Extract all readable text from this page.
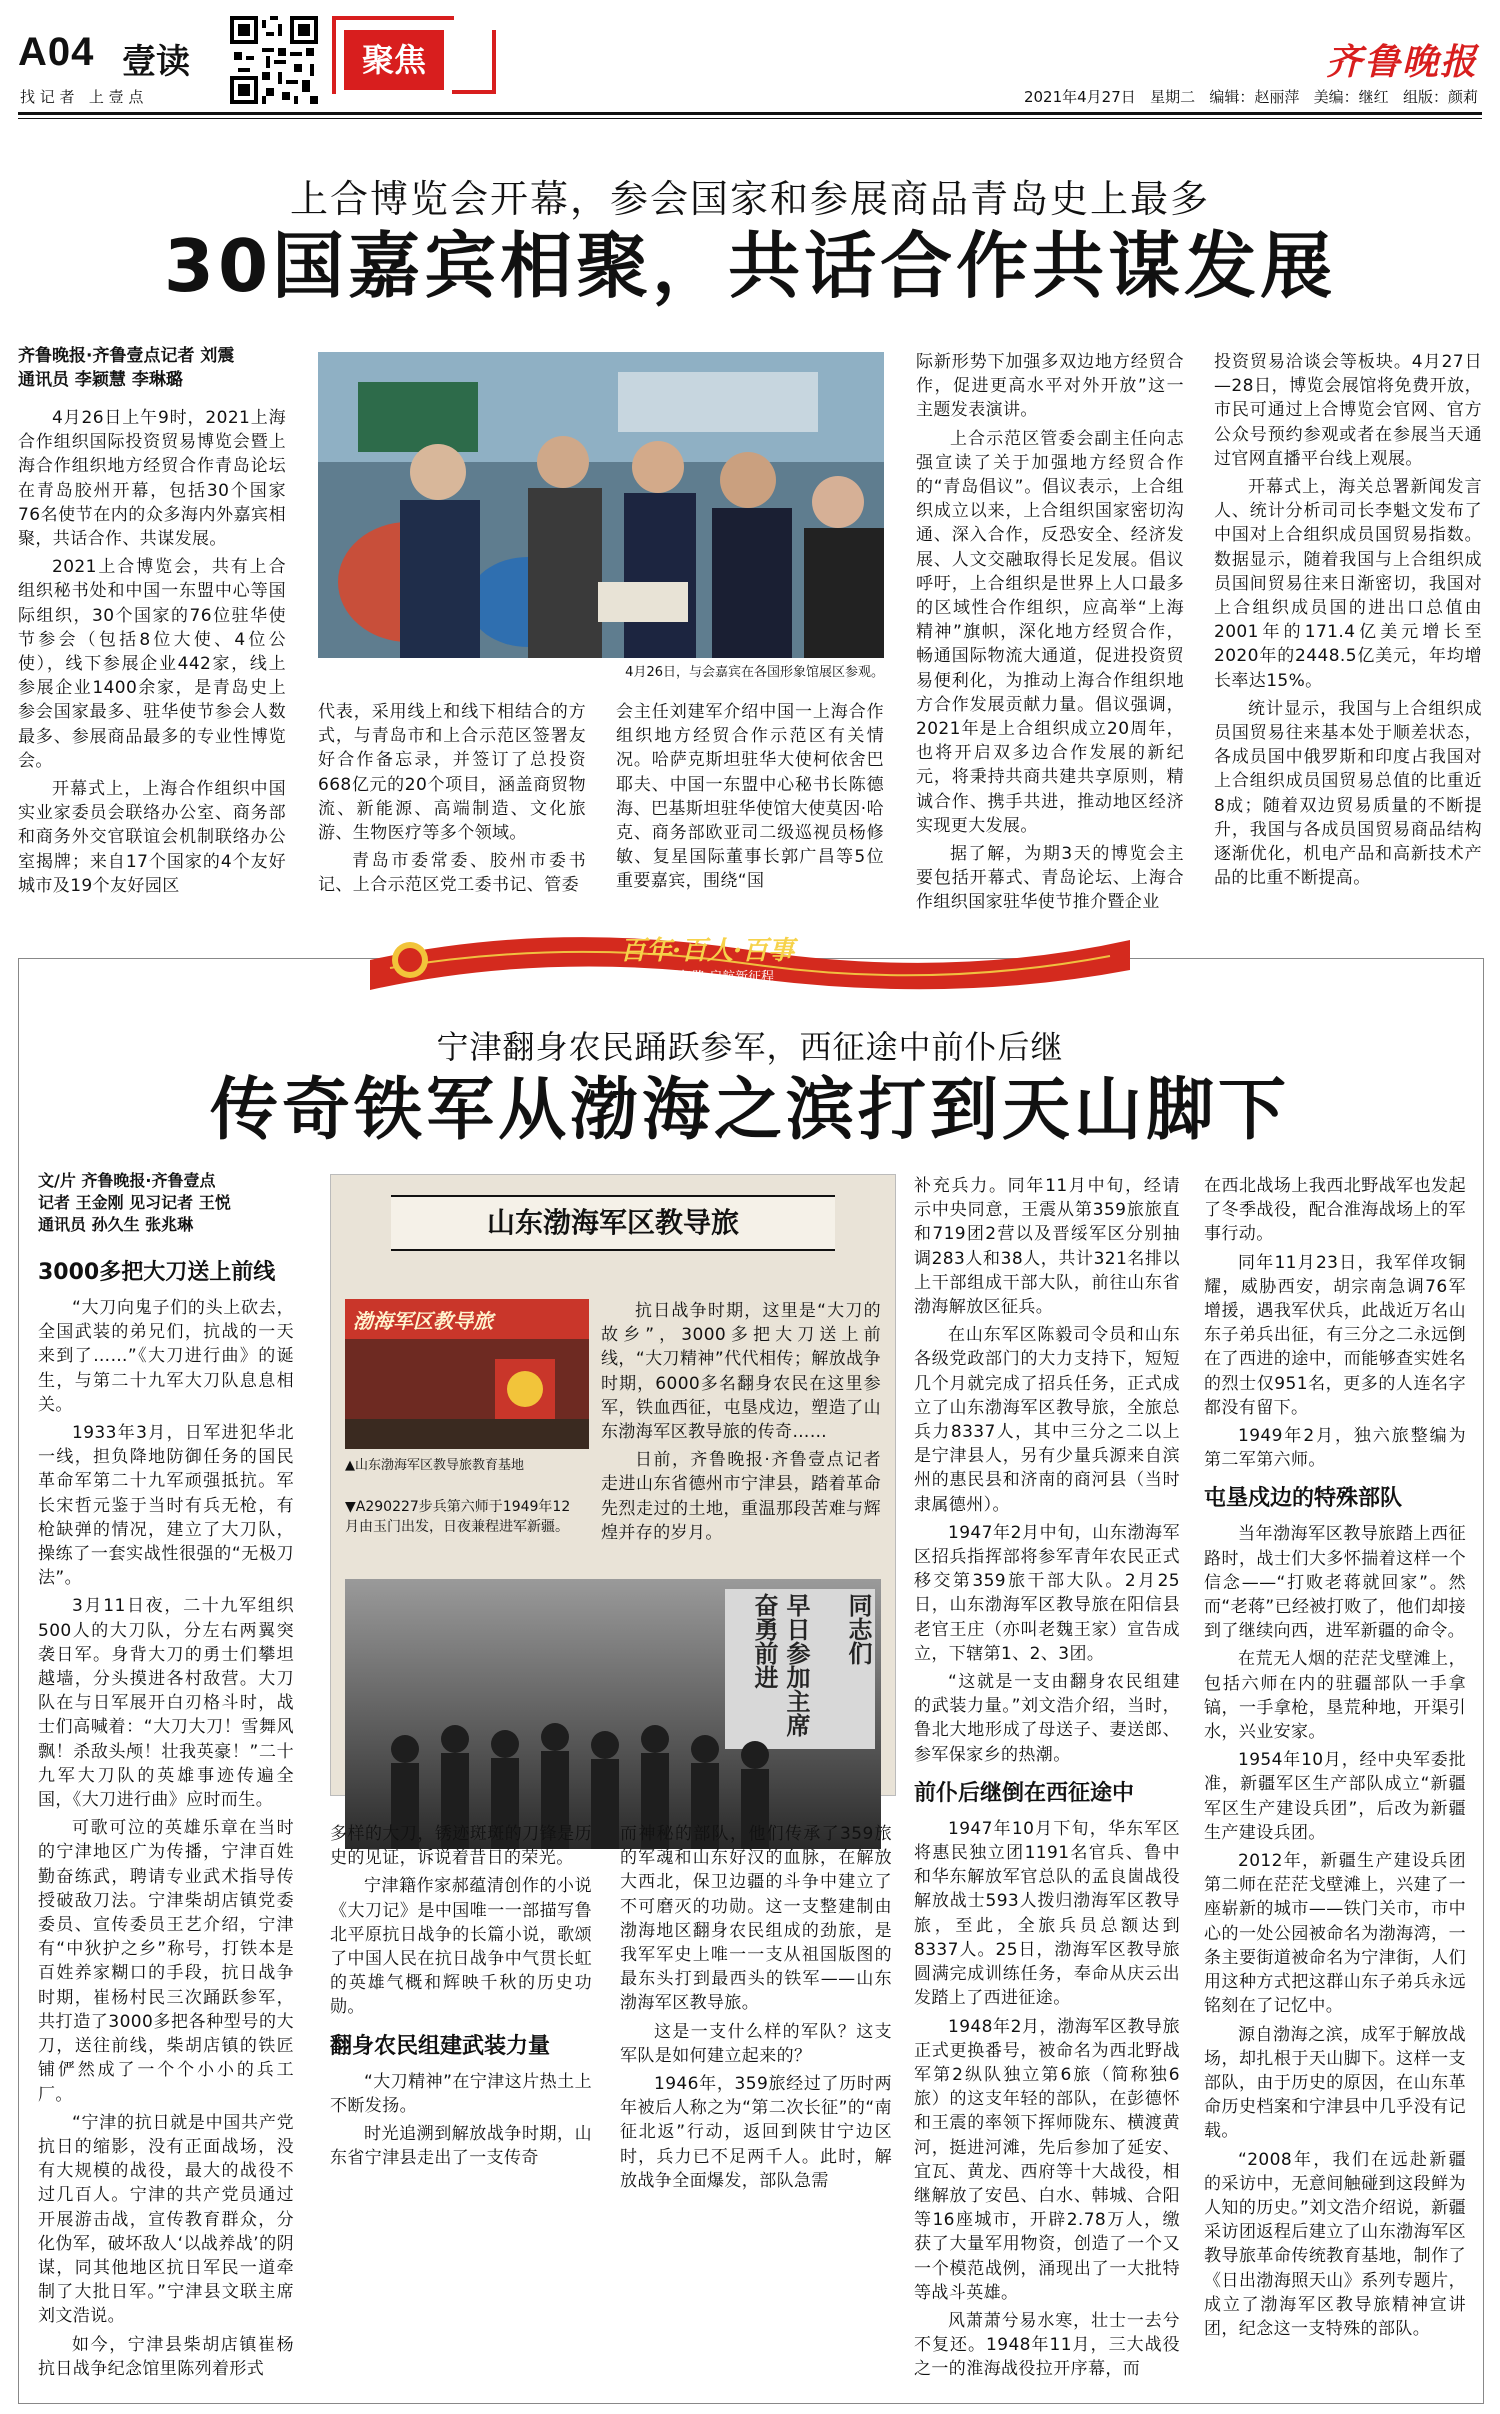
A04 壹读
找 记 者   上 壹 点
聚焦	齐鲁晚报
2021年4月27日   星期二   编辑：赵丽萍   美编：继红   组版：颜莉
上合博览会开幕，参会国家和参展商品青岛史上最多
30国嘉宾相聚，共话合作共谋发展
齐鲁晚报·齐鲁壹点记者 刘震
通讯员 李颖慧 李琳璐

4月26日上午9时，2021上海合作组织国际投资贸易博览会暨上海合作组织地方经贸合作青岛论坛在青岛胶州开幕，包括30个国家76名使节在内的众多海内外嘉宾相聚，共话合作、共谋发展。

2021上合博览会，共有上合组织秘书处和中国一东盟中心等国际组织，30个国家的76位驻华使节参会（包括8位大使、4位公使），线下参展企业442家，线上参展企业1400余家，是青岛史上参会国家最多、驻华使节参会人数最多、参展商品最多的专业性博览会。

开幕式上，上海合作组织中国实业家委员会联络办公室、商务部和商务外交官联谊会机制联络办公室揭牌；来自17个国家的4个友好城市及19个友好园区

4月26日，与会嘉宾在各国形象馆展区参观。

代表，采用线上和线下相结合的方式，与青岛市和上合示范区签署友好合作备忘录，并签订了总投资668亿元的20个项目，涵盖商贸物流、新能源、高端制造、文化旅游、生物医疗等多个领域。

青岛市委常委、胶州市委书记、上合示范区党工委书记、管委

会主任刘建军介绍中国一上海合作组织地方经贸合作示范区有关情况。哈萨克斯坦驻华大使柯依舍巴耶夫、中国一东盟中心秘书长陈德海、巴基斯坦驻华使馆大使莫因·哈克、商务部欧亚司二级巡视员杨修敏、复星国际董事长郭广昌等5位重要嘉宾，围绕“国

际新形势下加强多双边地方经贸合作，促进更高水平对外开放”这一主题发表演讲。

上合示范区管委会副主任向志强宣读了关于加强地方经贸合作的“青岛倡议”。倡议表示，上合组织成立以来，上合组织国家密切沟通、深入合作，反恐安全、经济发展、人文交融取得长足发展。倡议呼吁，上合组织是世界上人口最多的区域性合作组织，应高举“上海精神”旗帜，深化地方经贸合作，畅通国际物流大通道，促进投资贸易便利化，为推动上海合作组织地方合作发展贡献力量。倡议强调，2021年是上合组织成立20周年，也将开启双多边合作发展的新纪元，将秉持共商共建共享原则，精诚合作、携手共进，推动地区经济实现更大发展。

据了解，为期3天的博览会主要包括开幕式、青岛论坛、上海合作组织国家驻华使节推介暨企业

投资贸易洽谈会等板块。4月27日—28日，博览会展馆将免费开放，市民可通过上合博览会官网、官方公众号预约参观或者在参展当天通过官网直播平台线上观展。

开幕式上，海关总署新闻发言人、统计分析司司长李魁文发布了中国对上合组织成员国贸易指数。数据显示，随着我国与上合组织成员国间贸易往来日渐密切，我国对上合组织成员国的进出口总值由2001年的171.4亿美元增长至2020年的2448.5亿美元，年均增长率达15%。

统计显示，我国与上合组织成员国贸易往来基本处于顺差状态，各成员国中俄罗斯和印度占我国对上合组织成员国贸易总值的比重近8成；随着双边贸易质量的不断提升，我国与各成员国贸易商品结构逐渐优化，机电产品和高新技术产品的比重不断提高。

百年·百人·百事
奋斗百年路 启航新征程
宁津翻身农民踊跃参军，西征途中前仆后继
传奇铁军从渤海之滨打到天山脚下
文/片 齐鲁晚报·齐鲁壹点
记者 王金刚 见习记者 王悦
通讯员 孙久生 张兆琳
3000多把大刀送上前线

“大刀向鬼子们的头上砍去，全国武装的弟兄们，抗战的一天来到了……”《大刀进行曲》的诞生，与第二十九军大刀队息息相关。

1933年3月，日军进犯华北一线，担负降地防御任务的国民革命军第二十九军顽强抵抗。军长宋哲元鉴于当时有兵无枪，有枪缺弹的情况，建立了大刀队，操练了一套实战性很强的“无极刀法”。

3月11日夜，二十九军组织500人的大刀队，分左右两翼突袭日军。身背大刀的勇士们攀坦越墙，分头摸进各村敌营。大刀队在与日军展开白刃格斗时，战士们高喊着：“大刀大刀！雪舞风飘！杀敌头颅！壮我英豪！”二十九军大刀队的英雄事迹传遍全国，《大刀进行曲》应时而生。

可歌可泣的英雄乐章在当时的宁津地区广为传播，宁津百姓勤奋练武，聘请专业武术指导传授破敌刀法。宁津柴胡店镇党委委员、宣传委员王艺介绍，宁津有“中狄护之乡”称号，打铁本是百姓养家糊口的手段，抗日战争时期，崔杨村民三次踊跃参军，共打造了3000多把各种型号的大刀，送往前线，柴胡店镇的铁匠铺俨然成了一个个小小的兵工厂。

“宁津的抗日就是中国共产党抗日的缩影，没有正面战场，没有大规模的战役，最大的战役不过几百人。宁津的共产党员通过开展游击战，宣传教育群众，分化伪军，破坏敌人‘以战养战’的阴谋，同其他地区抗日军民一道牵制了大批日军。”宁津县文联主席刘文浩说。

如今，宁津县柴胡店镇崔杨抗日战争纪念馆里陈列着形式

山东渤海军区教导旅
渤海军区教导旅
▲山东渤海军区教导旅教育基地
▼A290227步兵第六师于1949年12月由玉门出发，日夜兼程进军新疆。

抗日战争时期，这里是“大刀的故乡”，3000多把大刀送上前线，“大刀精神”代代相传；解放战争时期，6000多名翻身农民在这里参军，铁血西征，屯垦戍边，塑造了山东渤海军区教导旅的传奇……

日前，齐鲁晚报·齐鲁壹点记者走进山东省德州市宁津县，踏着革命先烈走过的土地，重温那段苦难与辉煌并存的岁月。

早日参加主席
奋勇前进	同志们

多样的大刀，锈迹斑斑的刀锋是历史的见证，诉说着昔日的荣光。

宁津籍作家郝蕴清创作的小说《大刀记》是中国唯一一部描写鲁北平原抗日战争的长篇小说，歌颂了中国人民在抗日战争中气贯长虹的英雄气概和辉映千秋的历史功勋。

翻身农民组建武装力量

“大刀精神”在宁津这片热土上不断发扬。

时光追溯到解放战争时期，山东省宁津县走出了一支传奇

而神秘的部队，他们传承了359旅的军魂和山东好汉的血脉，在解放大西北，保卫边疆的斗争中建立了不可磨灭的功勋。这一支整建制由渤海地区翻身农民组成的劲旅，是我军军史上唯一一支从祖国版图的最东头打到最西头的铁军——山东渤海军区教导旅。

这是一支什么样的军队？这支军队是如何建立起来的？

1946年，359旅经过了历时两年被后人称之为“第二次长征”的“南征北返”行动，返回到陕甘宁边区时，兵力已不足两千人。此时，解放战争全面爆发，部队急需

补充兵力。同年11月中旬，经请示中央同意，王震从第359旅旅直和719团2营以及晋绥军区分别抽调283人和38人，共计321名排以上干部组成干部大队，前往山东省渤海解放区征兵。

在山东军区陈毅司令员和山东各级党政部门的大力支持下，短短几个月就完成了招兵任务，正式成立了山东渤海军区教导旅，全旅总兵力8337人，其中三分之二以上是宁津县人，另有少量兵源来自滨州的惠民县和济南的商河县（当时隶属德州）。

1947年2月中旬，山东渤海军区招兵指挥部将参军青年农民正式移交第359旅干部大队。2月25日，山东渤海军区教导旅在阳信县老官王庄（亦叫老魏王家）宣告成立，下辖第1、2、3团。

“这就是一支由翻身农民组建的武装力量。”刘文浩介绍，当时，鲁北大地形成了母送子、妻送郎、参军保家乡的热潮。

前仆后继倒在西征途中

1947年10月下旬，华东军区将惠民独立团1191名官兵、鲁中和华东解放军官总队的孟良崮战役解放战士593人拨归渤海军区教导旅，至此，全旅兵员总额达到8337人。25日，渤海军区教导旅圆满完成训练任务，奉命从庆云出发踏上了西进征途。

1948年2月，渤海军区教导旅正式更换番号，被命名为西北野战军第2纵队独立第6旅（简称独6旅）的这支年轻的部队，在彭德怀和王震的率领下挥师陇东、横渡黄河，挺进河滩，先后参加了延安、宜瓦、黄龙、西府等十大战役，相继解放了安邑、白水、韩城、合阳等16座城市，开辟2.78万人，缴获了大量军用物资，创造了一个又一个模范战例，涌现出了一大批特等战斗英雄。

风萧萧兮易水寒，壮士一去兮不复还。1948年11月，三大战役之一的淮海战役拉开序幕，而

在西北战场上我西北野战军也发起了冬季战役，配合淮海战场上的军事行动。

同年11月23日，我军佯攻铜耀，威胁西安，胡宗南急调76军增援，遇我军伏兵，此战近万名山东子弟兵出征，有三分之二永远倒在了西进的途中，而能够查实姓名的烈士仅951名，更多的人连名字都没有留下。

1949年2月，独六旅整编为第二军第六师。

屯垦戍边的特殊部队

当年渤海军区教导旅踏上西征路时，战士们大多怀揣着这样一个信念——“打败老蒋就回家”。然而“老蒋”已经被打败了，他们却接到了继续向西，进军新疆的命令。

在荒无人烟的茫茫戈壁滩上，包括六师在内的驻疆部队一手拿镐，一手拿枪，垦荒种地，开渠引水，兴业安家。

1954年10月，经中央军委批准，新疆军区生产部队成立“新疆军区生产建设兵团”，后改为新疆生产建设兵团。

2012年，新疆生产建设兵团第二师在茫茫戈壁滩上，兴建了一座崭新的城市——铁门关市，市中心的一处公园被命名为渤海湾，一条主要街道被命名为宁津街，人们用这种方式把这群山东子弟兵永远铭刻在了记忆中。

源自渤海之滨，成军于解放战场，却扎根于天山脚下。这样一支部队，由于历史的原因，在山东革命历史档案和宁津县中几乎没有记载。

“2008年，我们在远赴新疆的采访中，无意间触碰到这段鲜为人知的历史。”刘文浩介绍说，新疆采访团返程后建立了山东渤海军区教导旅革命传统教育基地，制作了《日出渤海照天山》系列专题片，成立了渤海军区教导旅精神宣讲团，纪念这一支特殊的部队。
